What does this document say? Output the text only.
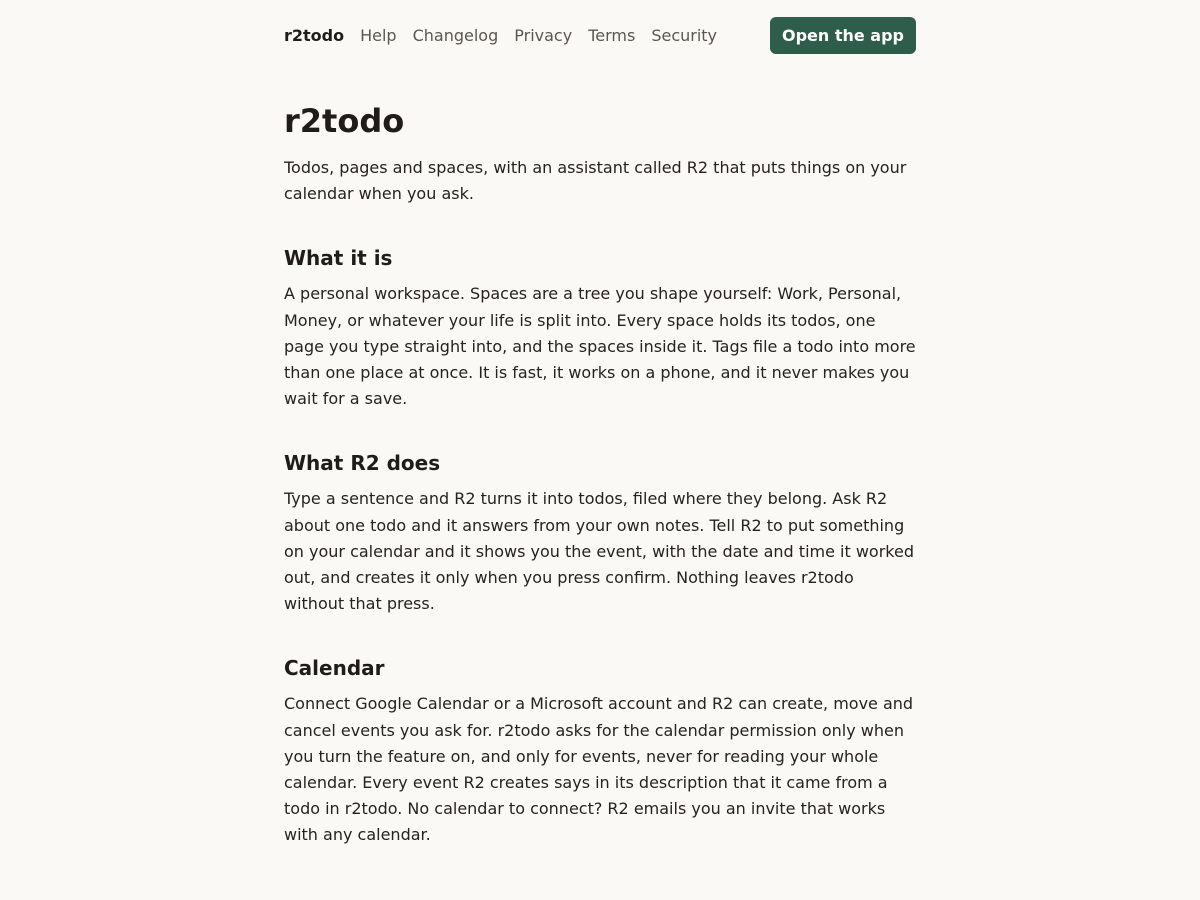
r2todo Help Changelog Privacy Terms Security	Open the app
r2todo

Todos, pages and spaces, with an assistant called R2 that puts things on your calendar when you ask.

What it is

A personal workspace. Spaces are a tree you shape yourself: Work, Personal, Money, or whatever your life is split into. Every space holds its todos, one page you type straight into, and the spaces inside it. Tags file a todo into more than one place at once. It is fast, it works on a phone, and it never makes you wait for a save.

What R2 does

Type a sentence and R2 turns it into todos, filed where they belong. Ask R2 about one todo and it answers from your own notes. Tell R2 to put something on your calendar and it shows you the event, with the date and time it worked out, and creates it only when you press confirm. Nothing leaves r2todo without that press.

Calendar

Connect Google Calendar or a Microsoft account and R2 can create, move and cancel events you ask for. r2todo asks for the calendar permission only when you turn the feature on, and only for events, never for reading your whole calendar. Every event R2 creates says in its description that it came from a todo in r2todo. No calendar to connect? R2 emails you an invite that works with any calendar.
